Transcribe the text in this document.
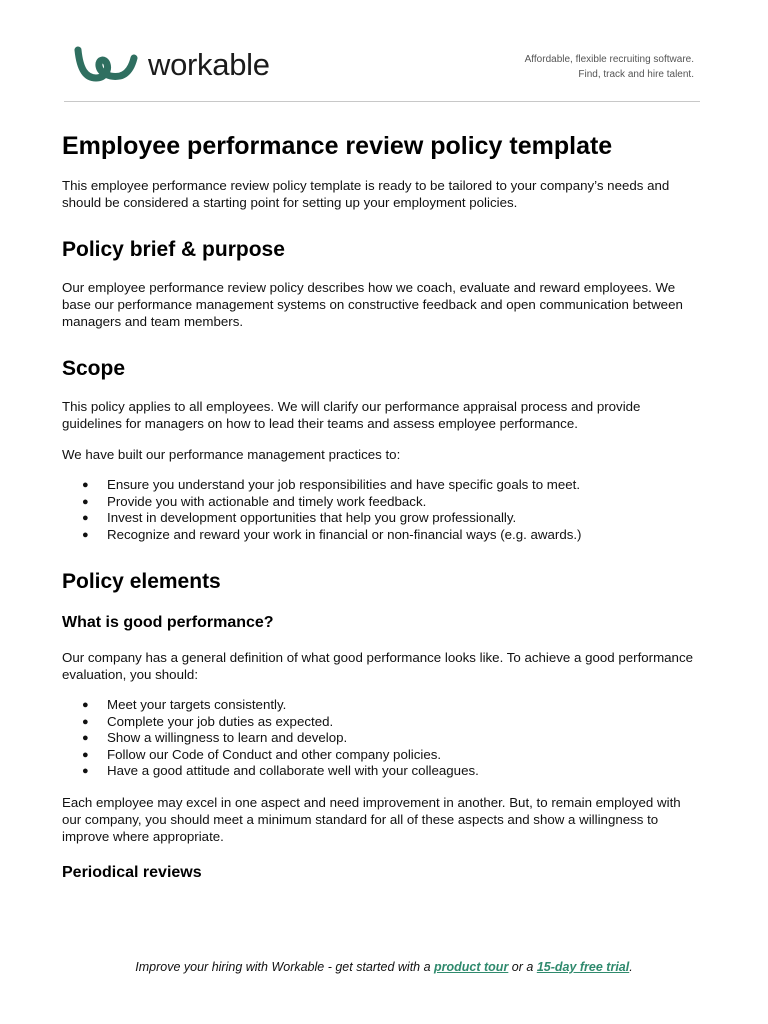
workable	Affordable, flexible recruiting software.
Find, track and hire talent.
Employee performance review policy template

This employee performance review policy template is ready to be tailored to your company’s needs and should be considered a starting point for setting up your employment policies.

Policy brief & purpose

Our employee performance review policy describes how we coach, evaluate and reward employees. We base our performance management systems on constructive feedback and open communication between managers and team members.

Scope

This policy applies to all employees. We will clarify our performance appraisal process and provide guidelines for managers on how to lead their teams and assess employee performance.

We have built our performance management practices to:

●	Ensure you understand your job responsibilities and have specific goals to meet.
●	Provide you with actionable and timely work feedback.
●	Invest in development opportunities that help you grow professionally.
●	Recognize and reward your work in financial or non-financial ways (e.g. awards.)
Policy elements
What is good performance?

Our company has a general definition of what good performance looks like. To achieve a good performance evaluation, you should:

●	Meet your targets consistently.
●	Complete your job duties as expected.
●	Show a willingness to learn and develop.
●	Follow our Code of Conduct and other company policies.
●	Have a good attitude and collaborate well with your colleagues.

Each employee may excel in one aspect and need improvement in another. But, to remain employed with our company, you should meet a minimum standard for all of these aspects and show a willingness to improve where appropriate.

Periodical reviews
Improve your hiring with Workable - get started with a product tour or a 15-day free trial.
